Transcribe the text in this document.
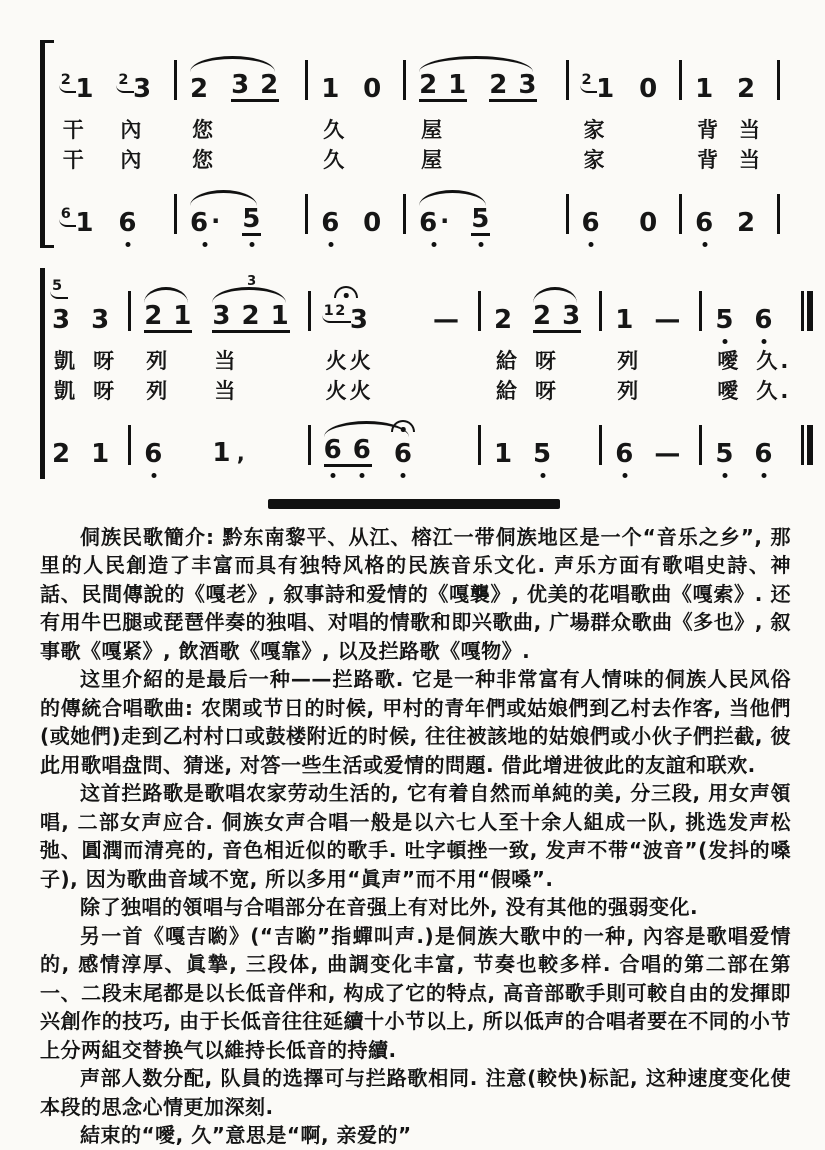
2 1	2 3		2 3 2		1	0		2 1 2 3		2 1	0		1	2	

干	內		您		久			屋		家			背	当	
干	內		您		久			屋		家			背	当	

6 1	6		6· 5		6	0		6· 5		6	0		6	2	

53	3		2 1	3
3 2 1		12 3	—		2	2 3		1	—		5	6	

凱	呀		列	当		火火			給	呀		列			噯	久.	
凱	呀		列	当		火火			給	呀		列			噯	久.	

2	1		6	1 ’		6 6 6			1	5		6	—		5	6	

侗族民歌簡介: 黔东南黎平、从江、榕江一带侗族地区是一个“音乐之乡”, 那里的人民創造了丰富而具有独特风格的民族音乐文化. 声乐方面有歌唱史詩、神話、民間傳說的《嘎老》, 叙事詩和爱情的《嘎襲》, 优美的花唱歌曲《嘎索》. 还有用牛巴腿或琵琶伴奏的独唱、对唱的情歌和即兴歌曲, 广場群众歌曲《多也》, 叙事歌《嘎紧》, 飲酒歌《嘎靠》, 以及拦路歌《嘎物》.

这里介紹的是最后一种——拦路歌. 它是一种非常富有人情味的侗族人民风俗的傳統合唱歌曲: 农閑或节日的时候, 甲村的青年們或姑娘們到乙村去作客, 当他們(或她們)走到乙村村口或鼓楼附近的时候, 往往被該地的姑娘們或小伙子們拦截, 彼此用歌唱盘問、猜迷, 对答一些生活或爱情的問題. 借此增进彼此的友誼和联欢.

这首拦路歌是歌唱农家劳动生活的, 它有着自然而单純的美, 分三段, 用女声領唱, 二部女声应合. 侗族女声合唱一般是以六七人至十余人組成一队, 挑选发声松弛、圓潤而清亮的, 音色相近似的歌手. 吐字頓挫一致, 发声不带“波音”(发抖的嗓子), 因为歌曲音域不宽, 所以多用“眞声”而不用“假嗓”.

除了独唱的領唱与合唱部分在音强上有对比外, 没有其他的强弱变化.

另一首《嘎吉喲》(“吉喲”指蟬叫声.)是侗族大歌中的一种, 內容是歌唱爱情的, 感情淳厚、眞摯, 三段体, 曲調变化丰富, 节奏也較多样. 合唱的第二部在第一、二段末尾都是以长低音伴和, 构成了它的特点, 高音部歌手則可較自由的发揮即兴創作的技巧, 由于长低音往往延續十小节以上, 所以低声的合唱者要在不同的小节上分两組交替换气以維持长低音的持續.

声部人数分配, 队員的选擇可与拦路歌相同. 注意(較快)标記, 这种速度变化使本段的思念心情更加深刻.

結束的“噯, 久”意思是“啊, 亲爱的”
